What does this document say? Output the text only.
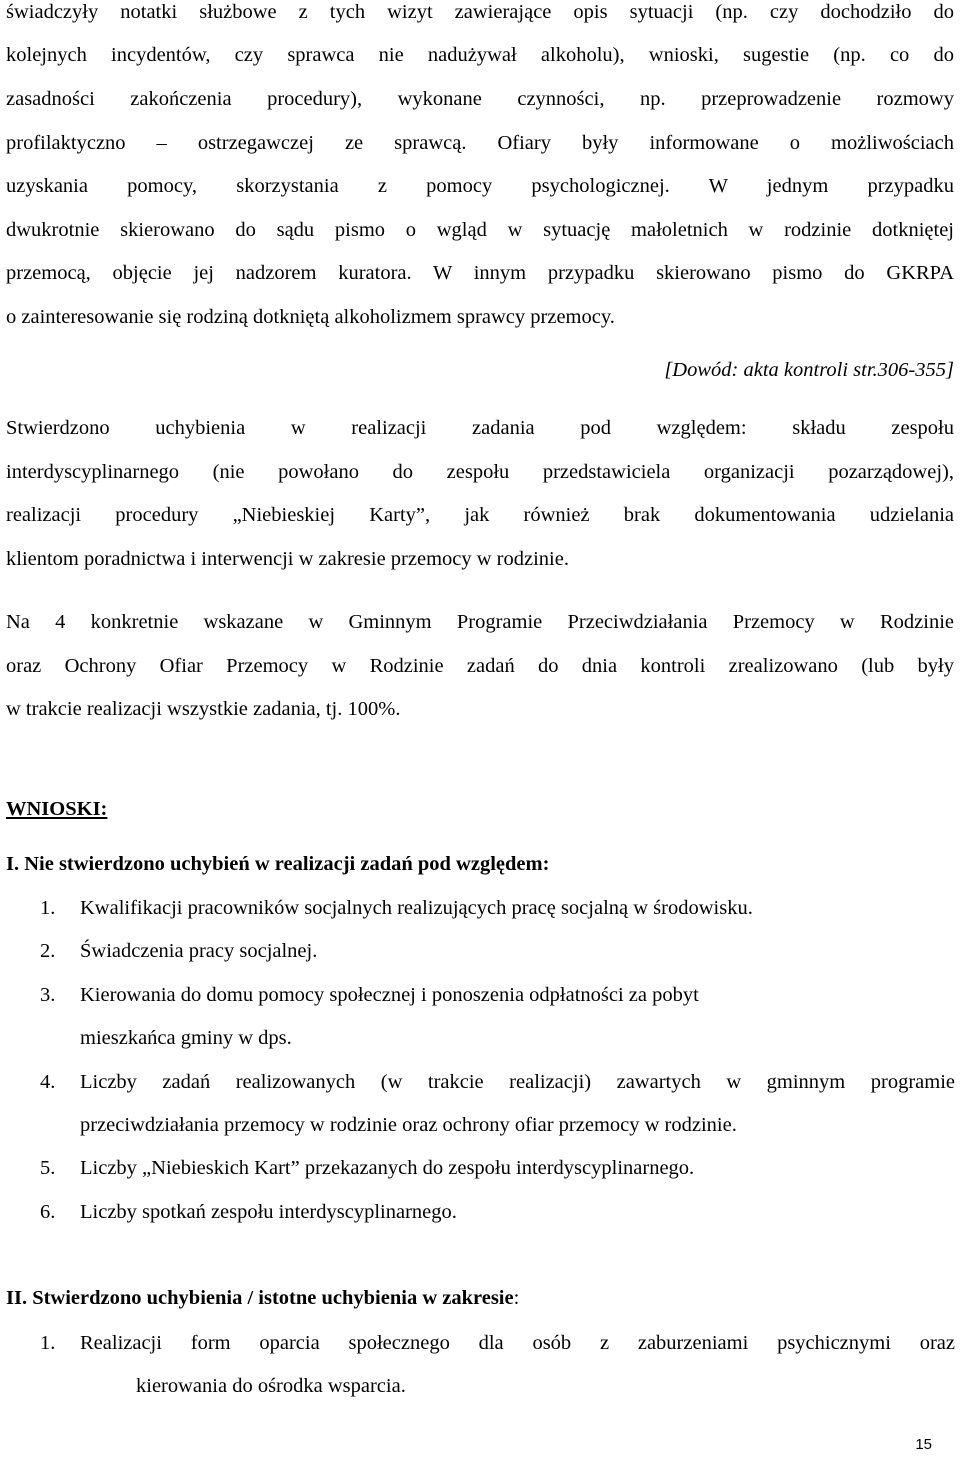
świadczyły notatki służbowe z tych wizyt zawierające opis sytuacji (np. czy dochodziło do
kolejnych incydentów, czy sprawca nie nadużywał alkoholu), wnioski, sugestie (np. co do
zasadności zakończenia procedury), wykonane czynności, np. przeprowadzenie rozmowy
profilaktyczno – ostrzegawczej ze sprawcą. Ofiary były informowane o możliwościach
uzyskania pomocy, skorzystania z pomocy psychologicznej. W jednym przypadku
dwukrotnie skierowano do sądu pismo o wgląd w sytuację małoletnich w rodzinie dotkniętej
przemocą, objęcie jej nadzorem kuratora. W innym przypadku skierowano pismo do GKRPA
o zainteresowanie się rodziną dotkniętą alkoholizmem sprawcy przemocy.
[Dowód: akta kontroli str.306-355]
Stwierdzono uchybienia w realizacji zadania pod względem: składu zespołu
interdyscyplinarnego (nie powołano do zespołu przedstawiciela organizacji pozarządowej),
realizacji procedury „Niebieskiej Karty”, jak również brak dokumentowania udzielania
klientom poradnictwa i interwencji w zakresie przemocy w rodzinie.
Na 4 konkretnie wskazane w Gminnym Programie Przeciwdziałania Przemocy w Rodzinie
oraz Ochrony Ofiar Przemocy w Rodzinie zadań do dnia kontroli zrealizowano (lub były
w trakcie realizacji wszystkie zadania, tj. 100%.
WNIOSKI:
I. Nie stwierdzono uchybień w realizacji zadań pod względem:
1.	Kwalifikacji pracowników socjalnych realizujących pracę socjalną w środowisku.
2.	Świadczenia pracy socjalnej.
3.	Kierowania do domu pomocy społecznej i ponoszenia odpłatności za pobyt
mieszkańca gminy w dps.
4.	Liczby zadań realizowanych (w trakcie realizacji) zawartych w gminnym programie
przeciwdziałania przemocy w rodzinie oraz ochrony ofiar przemocy w rodzinie.
5.	Liczby „Niebieskich Kart” przekazanych do zespołu interdyscyplinarnego.
6.	Liczby spotkań zespołu interdyscyplinarnego.
II. Stwierdzono uchybienia / istotne uchybienia w zakresie:
1.	Realizacji form oparcia społecznego dla osób z zaburzeniami psychicznymi oraz
kierowania do ośrodka wsparcia.
15
